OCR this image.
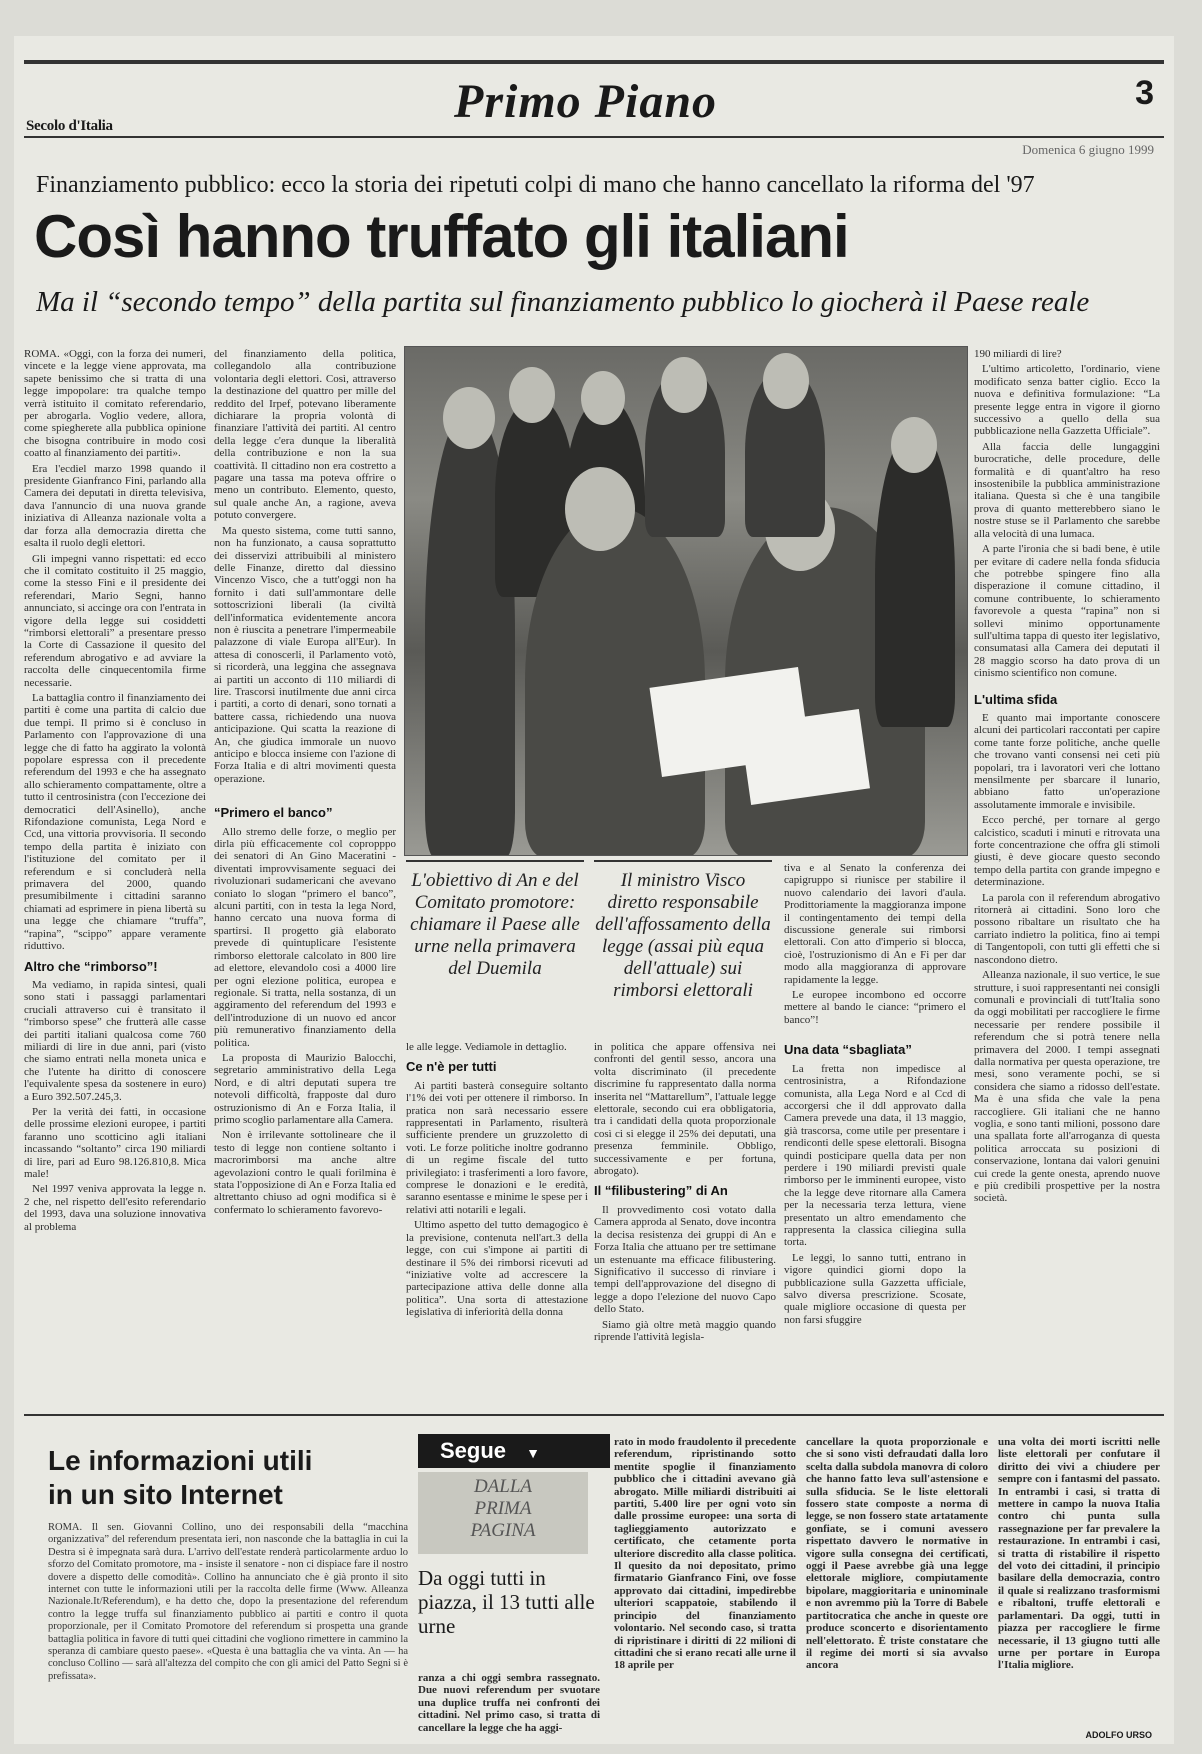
Secolo d'Italia	Primo Piano	3
Domenica 6 giugno 1999
Finanziamento pubblico: ecco la storia dei ripetuti colpi di mano che hanno cancellato la riforma del '97
Così hanno truffato gli italiani
Ma il “secondo tempo” della partita sul finanziamento pubblico lo giocherà il Paese reale

ROMA. «Oggi, con la forza dei numeri, vincete e la legge viene approvata, ma sapete benissimo che si tratta di una legge impopolare: tra qualche tempo verrà istituito il comitato referendario, per abrogarla. Voglio vedere, allora, come spiegherete alla pubblica opinione che bisogna contribuire in modo così coatto al finanziamento dei partiti».

Era l'ecdiel marzo 1998 quando il presidente Gianfranco Fini, parlando alla Camera dei deputati in diretta televisiva, dava l'annuncio di una nuova grande iniziativa di Alleanza nazionale volta a dar forza alla democrazia diretta che esalta il ruolo degli elettori.

Gli impegni vanno rispettati: ed ecco che il comitato costituito il 25 maggio, come la stesso Fini e il presidente dei referendari, Mario Segni, hanno annunciato, si accinge ora con l'entrata in vigore della legge sui cosiddetti “rimborsi elettorali” a presentare presso la Corte di Cassazione il quesito del referendum abrogativo e ad avviare la raccolta delle cinquecentomila firme necessarie.

La battaglia contro il finanziamento dei partiti è come una partita di calcio due due tempi. Il primo si è concluso in Parlamento con l'approvazione di una legge che di fatto ha aggirato la volontà popolare espressa con il precedente referendum del 1993 e che ha assegnato allo schieramento compattamente, oltre a tutto il centrosinistra (con l'eccezione dei democratici dell'Asinello), anche Rifondazione comunista, Lega Nord e Ccd, una vittoria provvisoria. Il secondo tempo della partita è iniziato con l'istituzione del comitato per il referendum e si concluderà nella primavera del 2000, quando presumibilmente i cittadini saranno chiamati ad esprimere in piena libertà su una legge che chiamare “truffa”, “rapina”, “scippo” appare veramente riduttivo.

Altro che “rimborso”!

Ma vediamo, in rapida sintesi, quali sono stati i passaggi parlamentari cruciali attraverso cui è transitato il “rimborso spese” che frutterà alle casse dei partiti italiani qualcosa come 760 miliardi di lire in due anni, pari (visto che siamo entrati nella moneta unica e che l'utente ha diritto di conoscere l'equivalente spesa da sostenere in euro) a Euro 392.507.245,3.

Per la verità dei fatti, in occasione delle prossime elezioni europee, i partiti faranno uno scotticino agli italiani incassando “soltanto” circa 190 miliardi di lire, pari ad Euro 98.126.810,8. Mica male!

Nel 1997 veniva approvata la legge n. 2 che, nel rispetto dell'esito referendario del 1993, dava una soluzione innovativa al problema

del finanziamento della politica, collegandolo alla contribuzione volontaria degli elettori. Così, attraverso la destinazione del quattro per mille del reddito del Irpef, potevano liberamente dichiarare la propria volontà di finanziare l'attività dei partiti. Al centro della legge c'era dunque la liberalità della contribuzione e non la sua coattività. Il cittadino non era costretto a pagare una tassa ma poteva offrire o meno un contributo. Elemento, questo, sul quale anche An, a ragione, aveva potuto convergere.

Ma questo sistema, come tutti sanno, non ha funzionato, a causa soprattutto dei disservizi attribuibili al ministero delle Finanze, diretto dal diessino Vincenzo Visco, che a tutt'oggi non ha fornito i dati sull'ammontare delle sottoscrizioni liberali (la civiltà dell'informatica evidentemente ancora non è riuscita a penetrare l'impermeabile palazzone di viale Europa all'Eur). In attesa di conoscerli, il Parlamento votò, si ricorderà, una leggina che assegnava ai partiti un acconto di 110 miliardi di lire. Trascorsi inutilmente due anni circa i partiti, a corto di denari, sono tornati a battere cassa, richiedendo una nuova anticipazione. Qui scatta la reazione di An, che giudica immorale un nuovo anticipo e blocca insieme con l'azione di Forza Italia e di altri movimenti questa operazione.

“Primero el banco”

Allo stremo delle forze, o meglio per dirla più efficacemente col copropppo dei senatori di An Gino Maceratini - diventati improvvisamente seguaci dei rivoluzionari sudamericani che avevano coniato lo slogan “primero el banco”, alcuni partiti, con in testa la lega Nord, hanno cercato una nuova forma di spartirsi. Il progetto già elaborato prevede di quintuplicare l'esistente rimborso elettorale calcolato in 800 lire ad elettore, elevandolo così a 4000 lire per ogni elezione politica, europea e regionale. Si tratta, nella sostanza, di un aggiramento del referendum del 1993 e dell'introduzione di un nuovo ed ancor più remunerativo finanziamento della politica.

La proposta di Maurizio Balocchi, segretario amministrativo della Lega Nord, e di altri deputati supera tre notevoli difficoltà, frapposte dal duro ostruzionismo di An e Forza Italia, il primo scoglio parlamentare alla Camera.

Non è irrilevante sottolineare che il testo di legge non contiene soltanto i macrorimborsi ma anche altre agevolazioni contro le quali forilmina è stata l'opposizione di An e Forza Italia ed altrettanto chiuso ad ogni modifica si è confermato lo schieramento favorevo-

L'obiettivo di An e del Comitato promotore: chiamare il Paese alle urne nella primavera del Duemila
Il ministro Visco diretto responsabile dell'affossamento della legge (assai più equa dell'attuale) sui rimborsi elettorali

le alle legge. Vediamole in dettaglio.

Ce n'è per tutti

Ai partiti basterà conseguire soltanto l'1% dei voti per ottenere il rimborso. In pratica non sarà necessario essere rappresentati in Parlamento, risulterà sufficiente prendere un gruzzoletto di voti. Le forze politiche inoltre godranno di un regime fiscale del tutto privilegiato: i trasferimenti a loro favore, comprese le donazioni e le eredità, saranno esentasse e minime le spese per i relativi atti notarili e legali.

Ultimo aspetto del tutto demagogico è la previsione, contenuta nell'art.3 della legge, con cui s'impone ai partiti di destinare il 5% dei rimborsi ricevuti ad “iniziative volte ad accrescere la partecipazione attiva delle donne alla politica”. Una sorta di attestazione legislativa di inferiorità della donna

in politica che appare offensiva nei confronti del gentil sesso, ancora una volta discriminato (il precedente discrimine fu rappresentato dalla norma inserita nel “Mattarellum”, l'attuale legge elettorale, secondo cui era obbligatoria, tra i candidati della quota proporzionale così ci si elegge il 25% dei deputati, una presenza femminile. Obbligo, successivamente e per fortuna, abrogato).

Il “filibustering” di An

Il provvedimento così votato dalla Camera approda al Senato, dove incontra la decisa resistenza dei gruppi di An e Forza Italia che attuano per tre settimane un estenuante ma efficace filibustering. Significativo il successo di rinviare i tempi dell'approvazione del disegno di legge a dopo l'elezione del nuovo Capo dello Stato.

Siamo già oltre metà maggio quando riprende l'attività legisla-

tiva e al Senato la conferenza dei capigruppo si riunisce per stabilire il nuovo calendario dei lavori d'aula. Prodittoriamente la maggioranza impone il contingentamento dei tempi della discussione generale sui rimborsi elettorali. Con atto d'imperio si blocca, cioè, l'ostruzionismo di An e Fi per dar modo alla maggioranza di approvare rapidamente la legge.

Le europee incombono ed occorre mettere al bando le ciance: “primero el banco”!

Una data “sbagliata”

La fretta non impedisce al centrosinistra, a Rifondazione comunista, alla Lega Nord e al Ccd di accorgersi che il ddl approvato dalla Camera prevede una data, il 13 maggio, già trascorsa, come utile per presentare i rendiconti delle spese elettorali. Bisogna quindi posticipare quella data per non perdere i 190 miliardi previsti quale rimborso per le imminenti europee, visto che la legge deve ritornare alla Camera per la necessaria terza lettura, viene presentato un altro emendamento che rappresenta la classica ciliegina sulla torta.

Le leggi, lo sanno tutti, entrano in vigore quindici giorni dopo la pubblicazione sulla Gazzetta ufficiale, salvo diversa prescrizione. Scosate, quale migliore occasione di questa per non farsi sfuggire

190 miliardi di lire?

L'ultimo articoletto, l'ordinario, viene modificato senza batter ciglio. Ecco la nuova e definitiva formulazione: “La presente legge entra in vigore il giorno successivo a quello della sua pubblicazione nella Gazzetta Ufficiale”.

Alla faccia delle lungaggini burocratiche, delle procedure, delle formalità e di quant'altro ha reso insostenibile la pubblica amministrazione italiana. Questa sì che è una tangibile prova di quanto metterebbero siano le nostre stuse se il Parlamento che sarebbe alla velocità di una lumaca.

A parte l'ironia che si badi bene, è utile per evitare di cadere nella fonda sfiducia che potrebbe spingere fino alla disperazione il comune cittadino, il comune contribuente, lo schieramento favorevole a questa “rapina” non si sollevi minimo opportunamente sull'ultima tappa di questo iter legislativo, consumatasi alla Camera dei deputati il 28 maggio scorso ha dato prova di un cinismo scientifico non comune.

L'ultima sfida

E quanto mai importante conoscere alcuni dei particolari raccontati per capire come tante forze politiche, anche quelle che trovano vanti consensi nei ceti più popolari, tra i lavoratori veri che lottano mensilmente per sbarcare il lunario, abbiano fatto un'operazione assolutamente immorale e invisibile.

Ecco perché, per tornare al gergo calcistico, scaduti i minuti e ritrovata una forte concentrazione che offra gli stimoli giusti, è deve giocare questo secondo tempo della partita con grande impegno e determinazione.

La parola con il referendum abrogativo ritornerà ai cittadini. Sono loro che possono ribaltare un risultato che ha carriato indietro la politica, fino ai tempi di Tangentopoli, con tutti gli effetti che si nascondono dietro.

Alleanza nazionale, il suo vertice, le sue strutture, i suoi rappresentanti nei consigli comunali e provinciali di tutt'Italia sono da oggi mobilitati per raccogliere le firme necessarie per rendere possibile il referendum che si potrà tenere nella primavera del 2000. I tempi assegnati dalla normativa per questa operazione, tre mesi, sono veramente pochi, se si considera che siamo a ridosso dell'estate. Ma è una sfida che vale la pena raccogliere. Gli italiani che ne hanno voglia, e sono tanti milioni, possono dare una spallata forte all'arroganza di questa politica arroccata su posizioni di conservazione, lontana dai valori genuini cui crede la gente onesta, aprendo nuove e più credibili prospettive per la nostra società.

Le informazioni utili
in un sito Internet
ROMA. Il sen. Giovanni Collino, uno dei responsabili della “macchina organizzativa” del referendum presentata ieri, non nasconde che la battaglia in cui la Destra si è impegnata sarà dura. L'arrivo dell'estate renderà particolarmente arduo lo sforzo del Comitato promotore, ma - insiste il senatore - non ci dispiace fare il nostro dovere a dispetto delle comodità». Collino ha annunciato che è già pronto il sito internet con tutte le informazioni utili per la raccolta delle firme (Www. Alleanza Nazionale.It/Referendum), e ha detto che, dopo la presentazione del referendum contro la legge truffa sul finanziamento pubblico ai partiti e contro il quota proporzionale, per il Comitato Promotore del referendum si prospetta una grande battaglia politica in favore di tutti quei cittadini che vogliono rimettere in cammino la speranza di cambiare questo paese». «Questa è una battaglia che va vinta. An — ha concluso Collino — sarà all'altezza del compito che con gli amici del Patto Segni si è prefissata».
Segue ▼
DALLA
PRIMA
PAGINA
Da oggi tutti in piazza, il 13 tutti alle urne
ranza a chi oggi sembra rassegnato. Due nuovi referendum per svuotare una duplice truffa nei confronti dei cittadini. Nel primo caso, si tratta di cancellare la legge che ha aggi-
rato in modo fraudolento il precedente referendum, ripristinando sotto mentite spoglie il finanziamento pubblico che i cittadini avevano già abrogato. Mille miliardi distribuiti ai partiti, 5.400 lire per ogni voto sin dalle prossime europee: una sorta di taglieggiamento autorizzato e certificato, che cetamente porta ulteriore discredito alla classe politica. Il quesito da noi depositato, primo firmatario Gianfranco Fini, ove fosse approvato dai cittadini, impedirebbe ulteriori scappatoie, stabilendo il principio del finanziamento volontario. Nel secondo caso, si tratta di ripristinare i diritti di 22 milioni di cittadini che si erano recati alle urne il 18 aprile per
cancellare la quota proporzionale e che si sono visti defraudati dalla loro scelta dalla subdola manovra di coloro che hanno fatto leva sull'astensione e sulla sfiducia. Se le liste elettorali fossero state composte a norma di legge, se non fossero state artatamente gonfiate, se i comuni avessero rispettato davvero le normative in vigore sulla consegna dei certificati, oggi il Paese avrebbe già una legge elettorale migliore, compiutamente bipolare, maggioritaria e uninominale e non avremmo più la Torre di Babele partitocratica che anche in queste ore produce sconcerto e disorientamento nell'elettorato. È triste constatare che il regime dei morti si sia avvalso ancora
una volta dei morti iscritti nelle liste elettorali per confutare il diritto dei vivi a chiudere per sempre con i fantasmi del passato. In entrambi i casi, si tratta di mettere in campo la nuova Italia contro chi punta sulla rassegnazione per far prevalere la restaurazione. In entrambi i casi, si tratta di ristabilire il rispetto del voto dei cittadini, il principio basilare della democrazia, contro il quale si realizzano trasformismi e ribaltoni, truffe elettorali e parlamentari. Da oggi, tutti in piazza per raccogliere le firme necessarie, il 13 giugno tutti alle urne per portare in Europa l'Italia migliore.
ADOLFO URSO
